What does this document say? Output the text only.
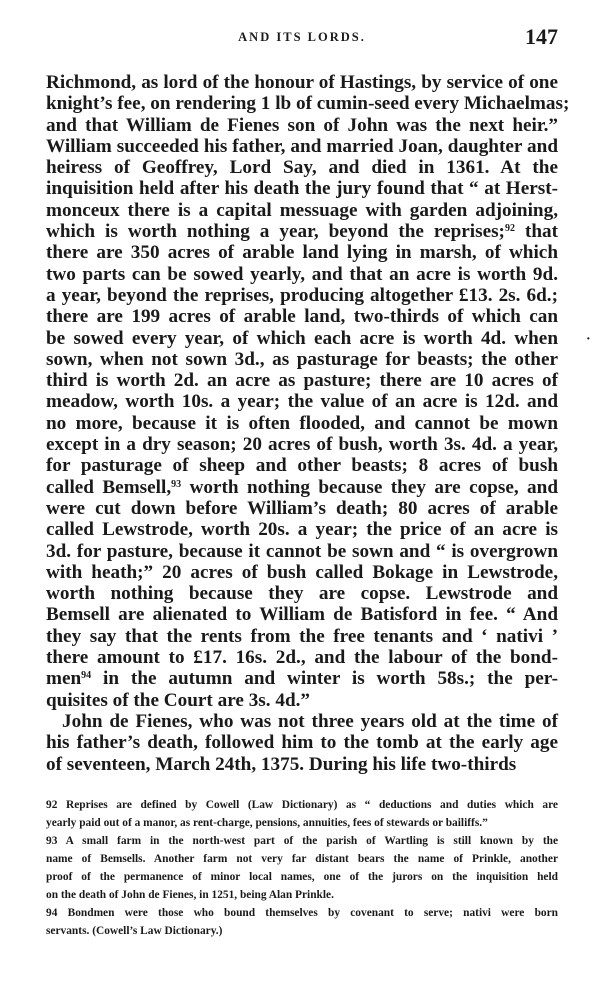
AND ITS LORDS.	147
Richmond, as lord of the honour of Hastings, by service of one
knight’s fee, on rendering 1 lb of cumin-seed every Michaelmas;
and that William de Fienes son of John was the next heir.”
William succeeded his father, and married Joan, daughter and
heiress of Geoffrey, Lord Say, and died in 1361. At the
inquisition held after his death the jury found that “ at Herst-
monceux there is a capital messuage with garden adjoining,
which is worth nothing a year, beyond the reprises;$^{92}$ that
there are 350 acres of arable land lying in marsh, of which
two parts can be sowed yearly, and that an acre is worth 9d.
a year, beyond the reprises, producing altogether £13. 2s. 6d.;
there are 199 acres of arable land, two-thirds of which can
be sowed every year, of which each acre is worth 4d. when
sown, when not sown 3d., as pasturage for beasts; the other
third is worth 2d. an acre as pasture; there are 10 acres of
meadow, worth 10s. a year; the value of an acre is 12d. and
no more, because it is often flooded, and cannot be mown
except in a dry season; 20 acres of bush, worth 3s. 4d. a year,
for pasturage of sheep and other beasts; 8 acres of bush
called Bemsell,$^{93}$ worth nothing because they are copse, and
were cut down before William’s death; 80 acres of arable
called Lewstrode, worth 20s. a year; the price of an acre is
3d. for pasture, because it cannot be sown and “ is overgrown
with heath;” 20 acres of bush called Bokage in Lewstrode,
worth nothing because they are copse. Lewstrode and
Bemsell are alienated to William de Batisford in fee. “ And
they say that the rents from the free tenants and ‘ nativi ’
there amount to £17. 16s. 2d., and the labour of the bond-
men$^{94}$ in the autumn and winter is worth 58s.; the per-
quisites of the Court are 3s. 4d.”
John de Fienes, who was not three years old at the time of
his father’s death, followed him to the tomb at the early age
of seventeen, March 24th, 1375. During his life two-thirds
92 Reprises are defined by Cowell (Law Dictionary) as “ deductions and duties which are
yearly paid out of a manor, as rent-charge, pensions, annuities, fees of stewards or bailiffs.”
93 A small farm in the north-west part of the parish of Wartling is still known by the
name of Bemsells. Another farm not very far distant bears the name of Prinkle, another
proof of the permanence of minor local names, one of the jurors on the inquisition held
on the death of John de Fienes, in 1251, being Alan Prinkle.
94 Bondmen were those who bound themselves by covenant to serve; nativi were born
servants. (Cowell’s Law Dictionary.)
·
